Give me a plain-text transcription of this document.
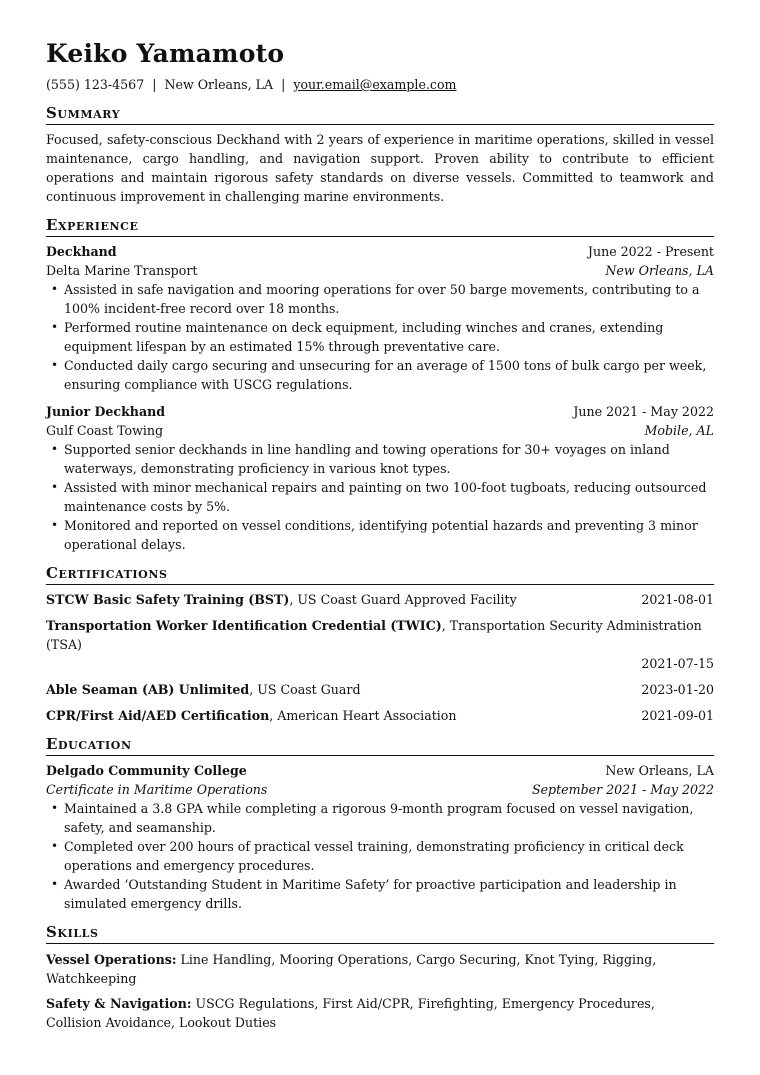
Keiko Yamamoto
(555) 123-4567 | New Orleans, LA | your.email@example.com
Summary
Focused, safety-conscious Deckhand with 2 years of experience in maritime operations, skilled in vessel maintenance, cargo handling, and navigation support. Proven ability to contribute to efficient operations and maintain rigorous safety standards on diverse vessels. Committed to teamwork and continuous improvement in challenging marine environments.
Experience
Deckhand	June 2022 - Present
Delta Marine Transport	New Orleans, LA
• Assisted in safe navigation and mooring operations for over 50 barge movements, contributing to a 100% incident-free record over 18 months.
• Performed routine maintenance on deck equipment, including winches and cranes, extending equipment lifespan by an estimated 15% through preventative care.
• Conducted daily cargo securing and unsecuring for an average of 1500 tons of bulk cargo per week, ensuring compliance with USCG regulations.
Junior Deckhand	June 2021 - May 2022
Gulf Coast Towing	Mobile, AL
• Supported senior deckhands in line handling and towing operations for 30+ voyages on inland waterways, demonstrating proficiency in various knot types.
• Assisted with minor mechanical repairs and painting on two 100-foot tugboats, reducing outsourced maintenance costs by 5%.
• Monitored and reported on vessel conditions, identifying potential hazards and preventing 3 minor operational delays.
Certifications
STCW Basic Safety Training (BST), US Coast Guard Approved Facility	2021-08-01
Transportation Worker Identification Credential (TWIC), Transportation Security Administration (TSA)
2021-07-15
Able Seaman (AB) Unlimited, US Coast Guard	2023-01-20
CPR/First Aid/AED Certification, American Heart Association	2021-09-01
Education
Delgado Community College	New Orleans, LA
Certificate in Maritime Operations	September 2021 - May 2022
• Maintained a 3.8 GPA while completing a rigorous 9-month program focused on vessel navigation, safety, and seamanship.
• Completed over 200 hours of practical vessel training, demonstrating proficiency in critical deck operations and emergency procedures.
• Awarded ‘Outstanding Student in Maritime Safety’ for proactive participation and leadership in simulated emergency drills.
Skills
Vessel Operations: Line Handling, Mooring Operations, Cargo Securing, Knot Tying, Rigging, Watchkeeping
Safety & Navigation: USCG Regulations, First Aid/CPR, Firefighting, Emergency Procedures, Collision Avoidance, Lookout Duties
